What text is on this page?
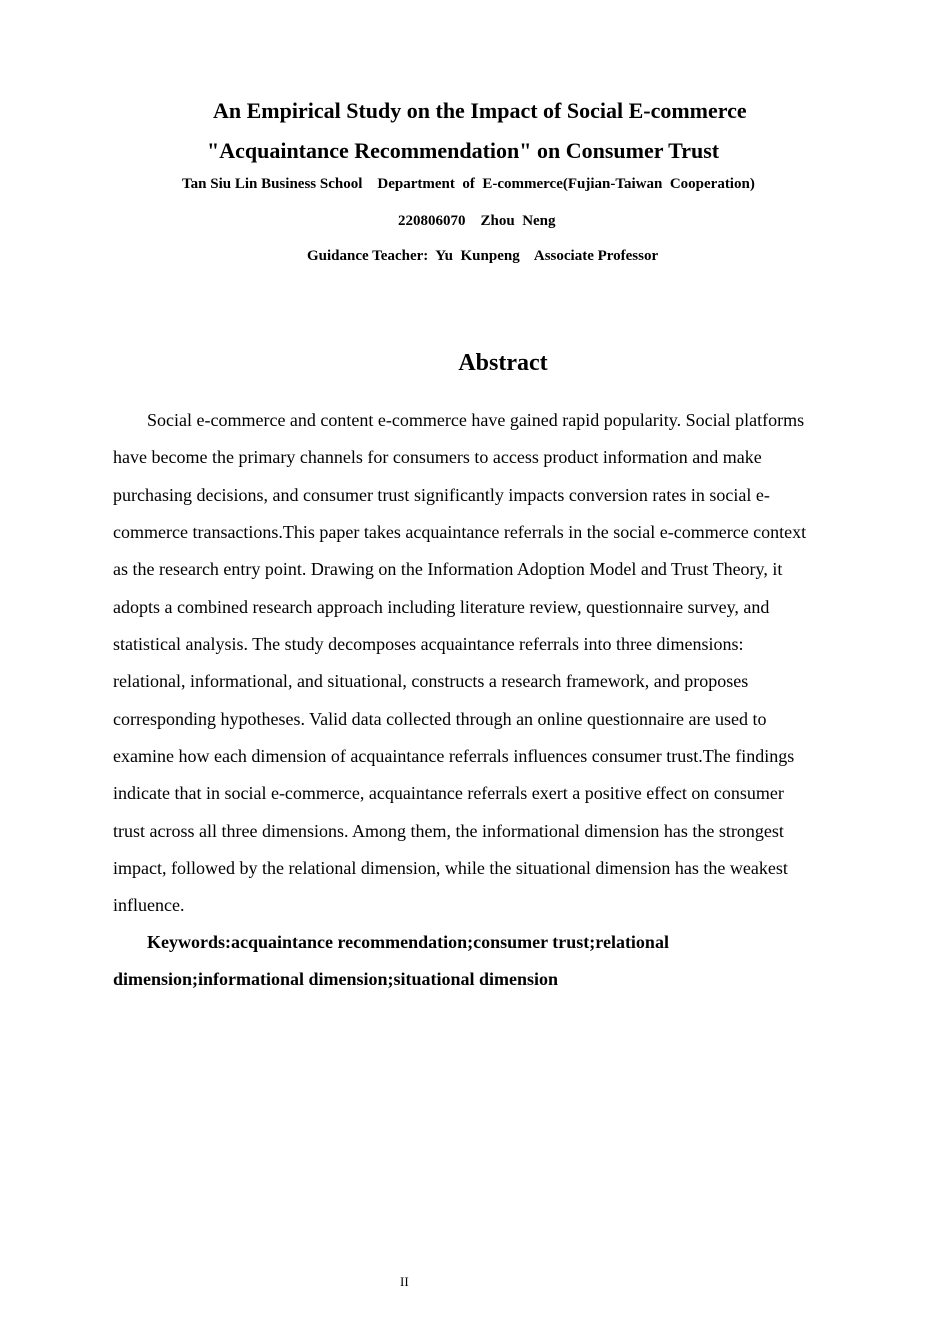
An Empirical Study on the Impact of Social E-commerce
"Acquaintance Recommendation" on Consumer Trust
Tan Siu Lin Business School    Department  of  E-commerce(Fujian-Taiwan  Cooperation)
220806070    Zhou  Neng
Guidance Teacher:  Yu  Kunpeng    Associate Professor
Abstract
Social e-commerce and content e-commerce have gained rapid popularity. Social platforms
have become the primary channels for consumers to access product information and make
purchasing decisions, and consumer trust significantly impacts conversion rates in social e-
commerce transactions.This paper takes acquaintance referrals in the social e-commerce context
as the research entry point. Drawing on the Information Adoption Model and Trust Theory, it
adopts a combined research approach including literature review, questionnaire survey, and
statistical analysis. The study decomposes acquaintance referrals into three dimensions:
relational, informational, and situational, constructs a research framework, and proposes
corresponding hypotheses. Valid data collected through an online questionnaire are used to
examine how each dimension of acquaintance referrals influences consumer trust.The findings
indicate that in social e-commerce, acquaintance referrals exert a positive effect on consumer
trust across all three dimensions. Among them, the informational dimension has the strongest
impact, followed by the relational dimension, while the situational dimension has the weakest
influence.
Keywords:acquaintance recommendation;consumer trust;relational
dimension;informational dimension;situational dimension
II
